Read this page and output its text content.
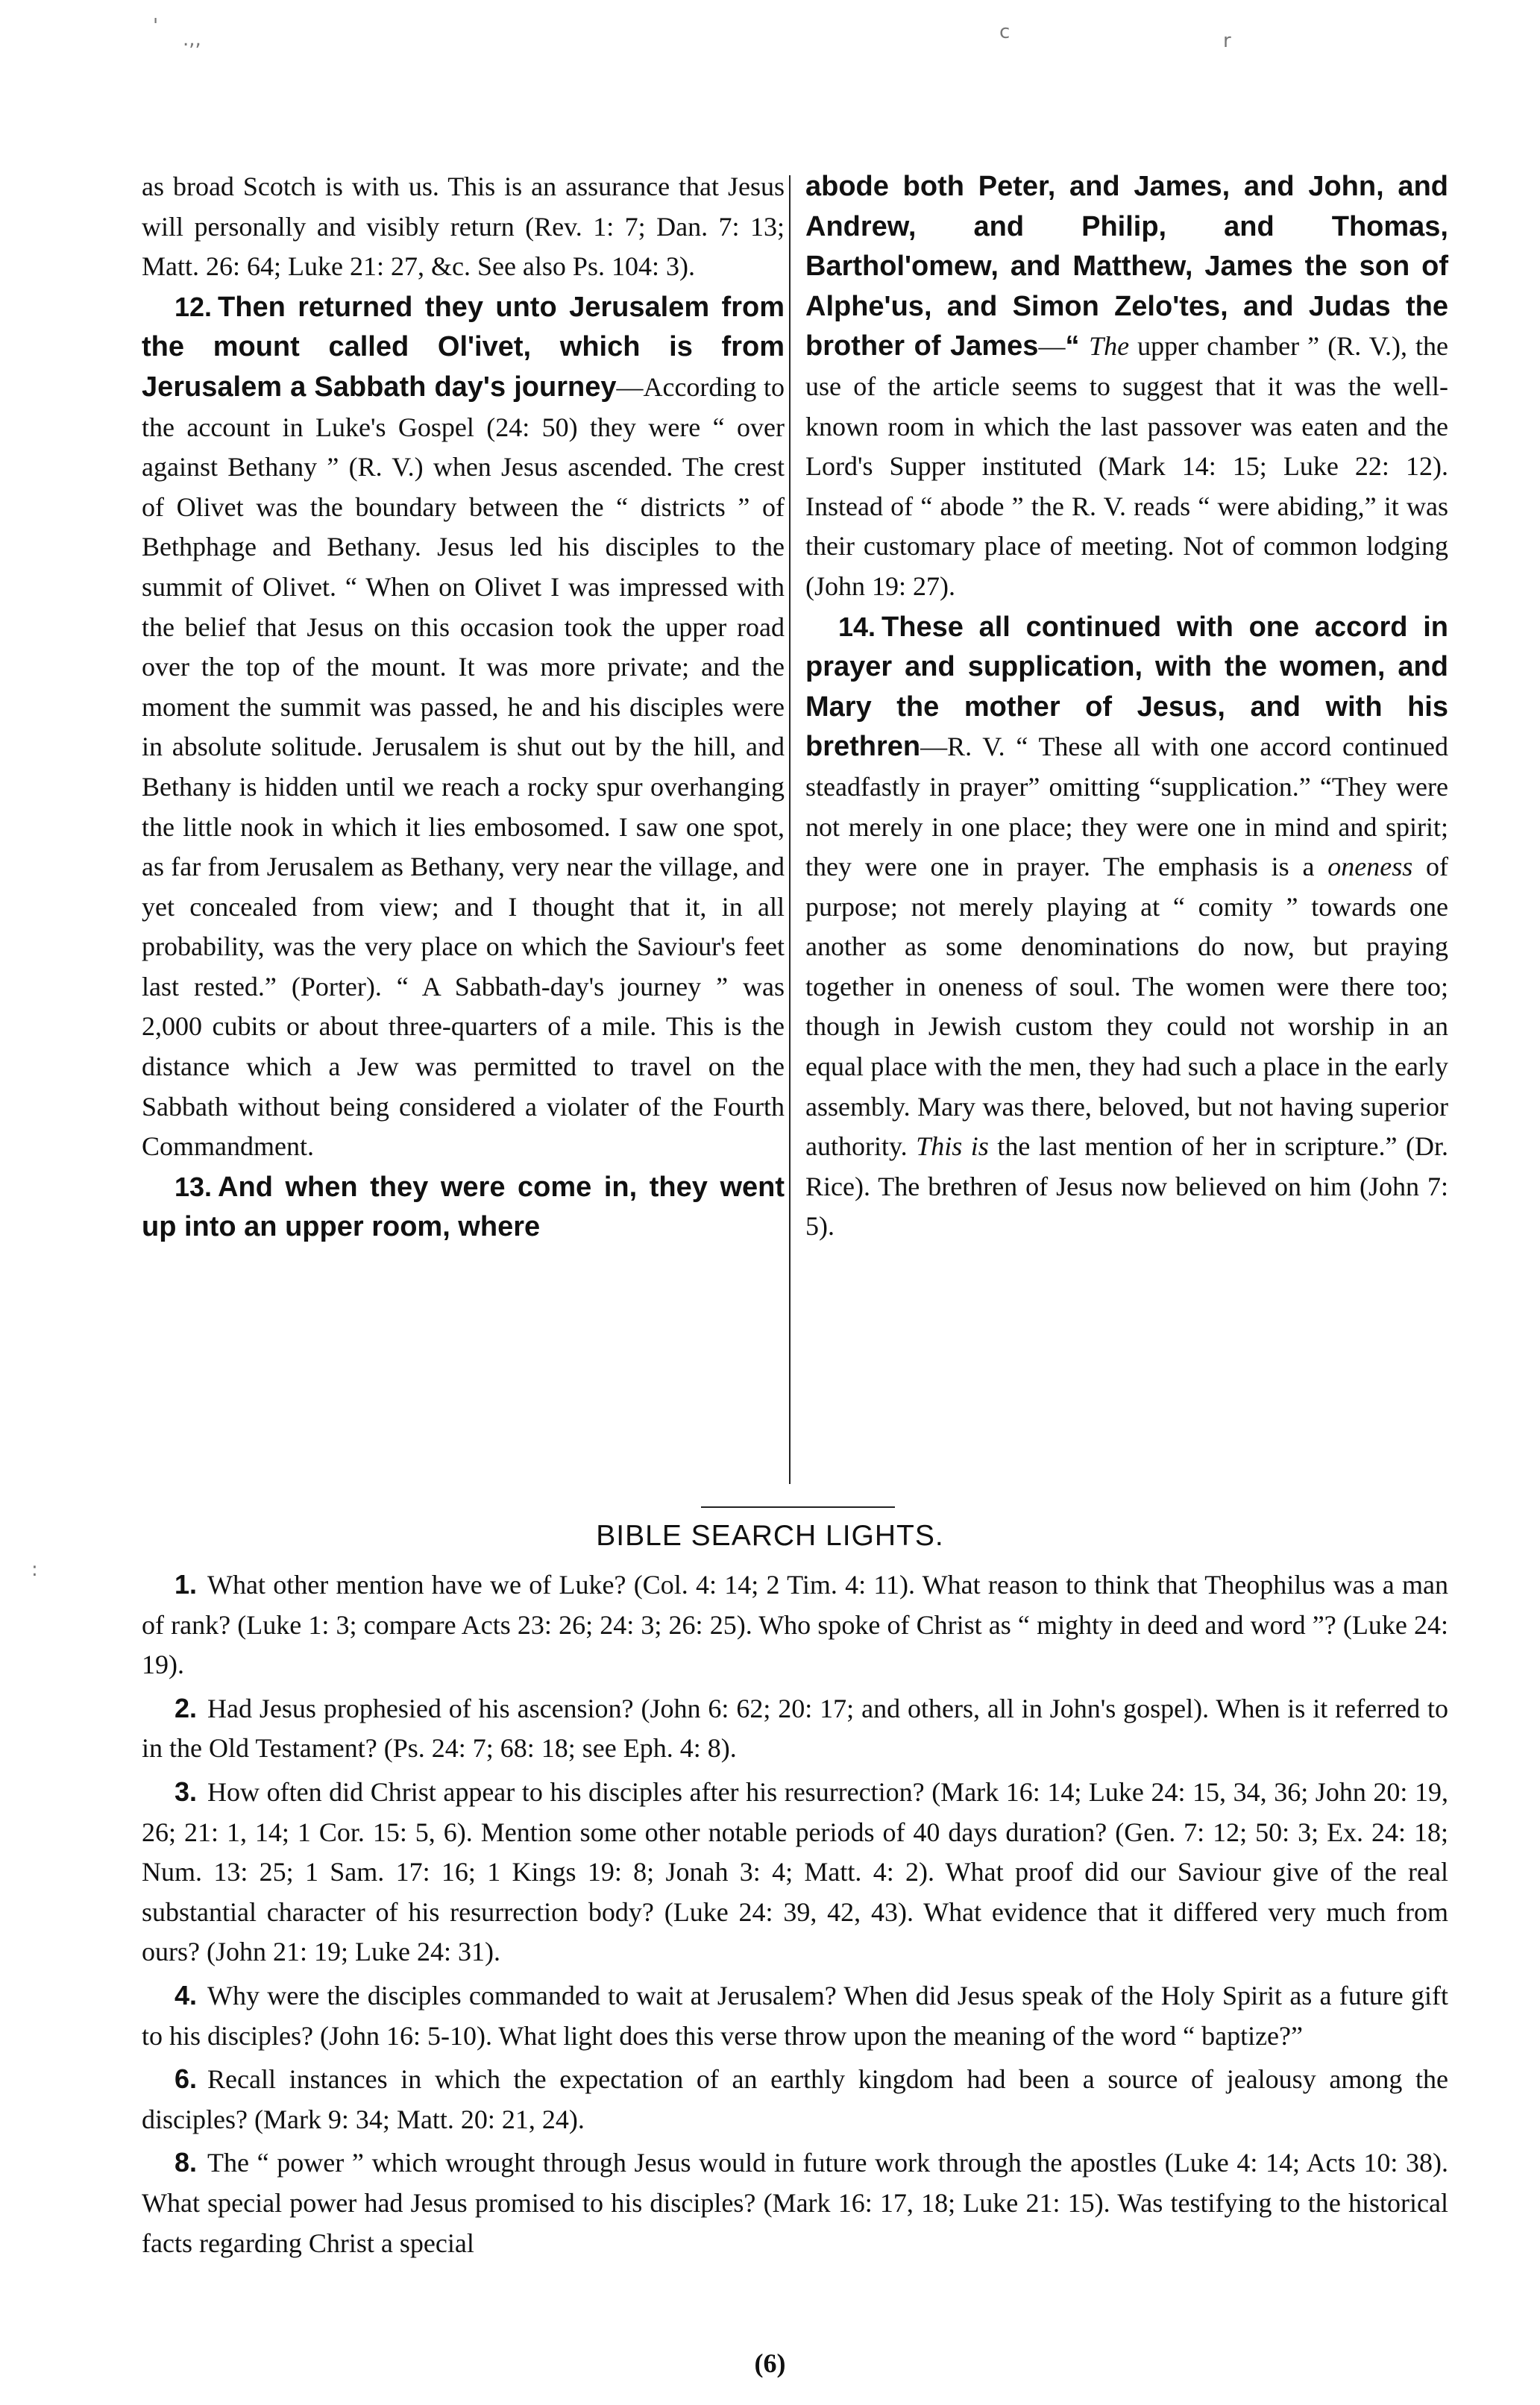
'
.,,	c	r
:

as broad Scotch is with us. This is an assurance that Jesus will personally and visibly return (Rev. 1: 7; Dan. 7: 13; Matt. 26: 64; Luke 21: 27, &c. See also Ps. 104: 3).

12. Then returned they unto Jerusalem from the mount called Ol'ivet, which is from Jerusalem a Sabbath day's journey—According to the account in Luke's Gospel (24: 50) they were “ over against Bethany ” (R. V.) when Jesus ascended. The crest of Olivet was the boundary between the “ districts ” of Bethphage and Bethany. Jesus led his disciples to the summit of Olivet. “ When on Olivet I was impressed with the belief that Jesus on this occasion took the upper road over the top of the mount. It was more private; and the moment the summit was passed, he and his disciples were in absolute solitude. Jerusalem is shut out by the hill, and Bethany is hidden until we reach a rocky spur overhanging the little nook in which it lies embosomed. I saw one spot, as far from Jerusalem as Bethany, very near the village, and yet concealed from view; and I thought that it, in all probability, was the very place on which the Saviour's feet last rested.” (Porter). “ A Sabbath-day's journey ” was 2,000 cubits or about three-quarters of a mile. This is the distance which a Jew was permitted to travel on the Sabbath without being considered a violater of the Fourth Commandment.

13. And when they were come in, they went up into an upper room, where

abode both Peter, and James, and John, and Andrew, and Philip, and Thomas, Barthol'omew, and Matthew, James the son of Alphe'us, and Simon Zelo'tes, and Judas the brother of James—“ The upper chamber ” (R. V.), the use of the article seems to suggest that it was the well-known room in which the last passover was eaten and the Lord's Supper instituted (Mark 14: 15; Luke 22: 12). Instead of “ abode ” the R. V. reads “ were abiding,” it was their customary place of meeting. Not of common lodging (John 19: 27).

14. These all continued with one accord in prayer and supplication, with the women, and Mary the mother of Jesus, and with his brethren—R. V. “ These all with one accord continued steadfastly in prayer” omitting “supplication.” “They were not merely in one place; they were one in mind and spirit; they were one in prayer. The emphasis is a oneness of purpose; not merely playing at “ comity ” towards one another as some denominations do now, but praying together in oneness of soul. The women were there too; though in Jewish custom they could not worship in an equal place with the men, they had such a place in the early assembly. Mary was there, beloved, but not having superior authority. This is the last mention of her in scripture.” (Dr. Rice). The brethren of Jesus now believed on him (John 7: 5).

BIBLE SEARCH LIGHTS.

1. What other mention have we of Luke? (Col. 4: 14; 2 Tim. 4: 11). What reason to think that Theophilus was a man of rank? (Luke 1: 3; compare Acts 23: 26; 24: 3; 26: 25). Who spoke of Christ as “ mighty in deed and word ”? (Luke 24: 19).

2. Had Jesus prophesied of his ascension? (John 6: 62; 20: 17; and others, all in John's gospel). When is it referred to in the Old Testament? (Ps. 24: 7; 68: 18; see Eph. 4: 8).

3. How often did Christ appear to his disciples after his resurrection? (Mark 16: 14; Luke 24: 15, 34, 36; John 20: 19, 26; 21: 1, 14; 1 Cor. 15: 5, 6). Mention some other notable periods of 40 days duration? (Gen. 7: 12; 50: 3; Ex. 24: 18; Num. 13: 25; 1 Sam. 17: 16; 1 Kings 19: 8; Jonah 3: 4; Matt. 4: 2). What proof did our Saviour give of the real substantial character of his resurrection body? (Luke 24: 39, 42, 43). What evidence that it differed very much from ours? (John 21: 19; Luke 24: 31).

4. Why were the disciples commanded to wait at Jerusalem? When did Jesus speak of the Holy Spirit as a future gift to his disciples? (John 16: 5-10). What light does this verse throw upon the meaning of the word “ baptize?”

6. Recall instances in which the expectation of an earthly kingdom had been a source of jealousy among the disciples? (Mark 9: 34; Matt. 20: 21, 24).

8. The “ power ” which wrought through Jesus would in future work through the apostles (Luke 4: 14; Acts 10: 38). What special power had Jesus promised to his disciples? (Mark 16: 17, 18; Luke 21: 15). Was testifying to the historical facts regarding Christ a special

(6)
